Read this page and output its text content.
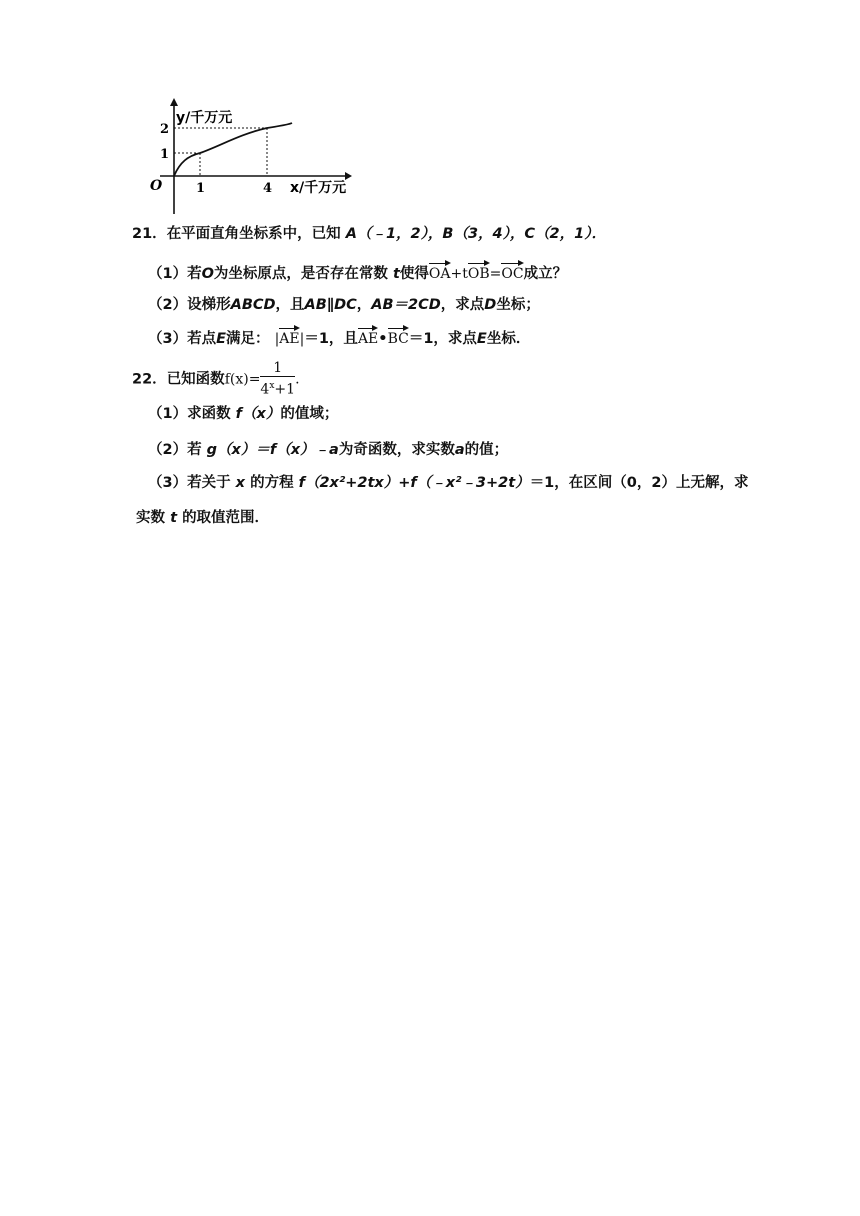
y/千万元
x/千万元
O
1
2
1	4
21．在平面直角坐标系中，已知 A（﹣1，2），B（3，4），C（2，1）．
（1）若O为坐标原点，是否存在常数 t使得OA+tOB=OC成立？
（2）设梯形ABCD，且AB∥DC，AB＝2CD，求点D坐标；
（3）若点E满足： |AE|＝1，且AE•BC＝1，求点E坐标．
22．已知函数$f(x)= \frac{1}{4^x+1}$ .
（1）求函数 f（x）的值域；
（2）若 g（x）＝f（x）﹣a为奇函数，求实数a的值；
（3）若关于 x 的方程 f（2x²+2tx）+f（﹣x²﹣3+2t）＝1，在区间（0，2）上无解，求
实数 t 的取值范围．
